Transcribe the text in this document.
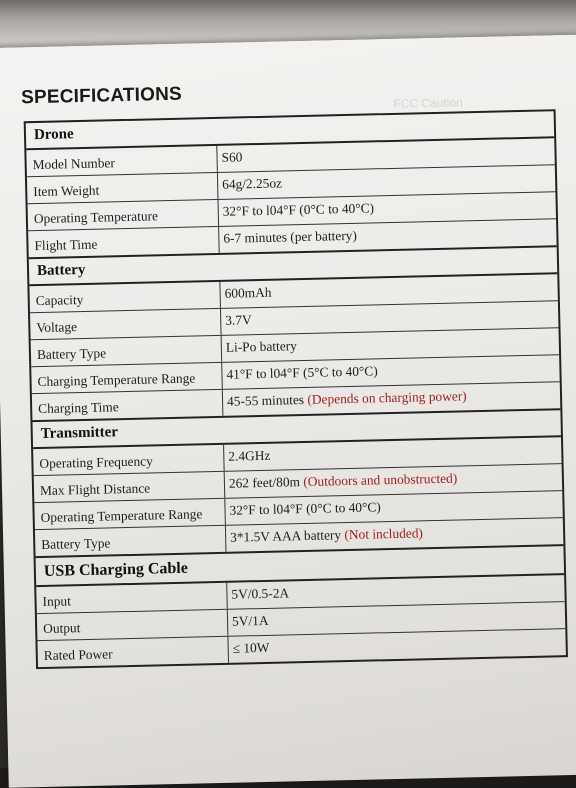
FCC Caution
SPECIFICATIONS
Drone
Model Number	S60
Item Weight	64g/2.25oz
Operating Temperature	32°F to l04°F (0°C to 40°C)
Flight Time	6-7 minutes (per battery)
Battery
Capacity	600mAh
Voltage	3.7V
Battery Type	Li-Po battery
Charging Temperature Range	41°F to l04°F (5°C to 40°C)
Charging Time	45-55 minutes (Depends on charging power)
Transmitter
Operating Frequency	2.4GHz
Max Flight Distance	262 feet/80m (Outdoors and unobstructed)
Operating Temperature Range	32°F to l04°F (0°C to 40°C)
Battery Type	3*1.5V AAA battery (Not included)
USB Charging Cable
Input	5V/0.5-2A
Output	5V/1A
Rated Power	≤ 10W
